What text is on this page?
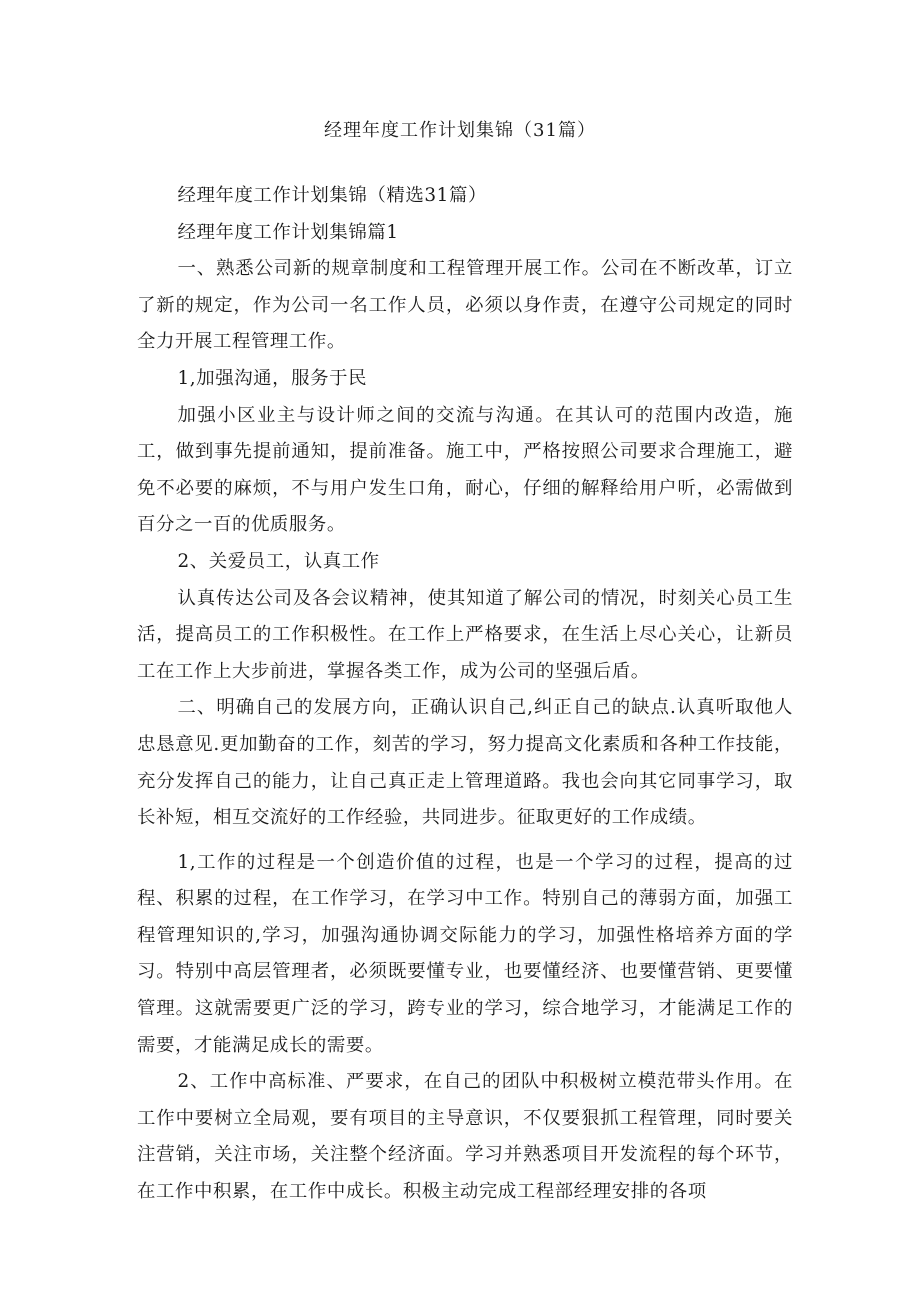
经理年度工作计划集锦（31篇）

经理年度工作计划集锦（精选31篇）

经理年度工作计划集锦篇1

一、熟悉公司新的规章制度和工程管理开展工作。公司在不断改革，订立了新的规定，作为公司一名工作人员，必须以身作责，在遵守公司规定的同时全力开展工程管理工作。

1,加强沟通，服务于民

加强小区业主与设计师之间的交流与沟通。在其认可的范围内改造，施工，做到事先提前通知，提前准备。施工中，严格按照公司要求合理施工，避免不必要的麻烦，不与用户发生口角，耐心，仔细的解释给用户听，必需做到百分之一百的优质服务。

2、关爱员工，认真工作

认真传达公司及各会议精神，使其知道了解公司的情况，时刻关心员工生活，提高员工的工作积极性。在工作上严格要求，在生活上尽心关心，让新员工在工作上大步前进，掌握各类工作，成为公司的坚强后盾。

二、明确自己的发展方向，正确认识自己,纠正自己的缺点.认真听取他人忠恳意见.更加勤奋的工作，刻苦的学习，努力提高文化素质和各种工作技能，充分发挥自己的能力，让自己真正走上管理道路。我也会向其它同事学习，取长补短，相互交流好的工作经验，共同进步。征取更好的工作成绩。

1,工作的过程是一个创造价值的过程，也是一个学习的过程，提高的过程、积累的过程，在工作学习，在学习中工作。特别自己的薄弱方面，加强工程管理知识的,学习，加强沟通协调交际能力的学习，加强性格培养方面的学习。特别中高层管理者，必须既要懂专业，也要懂经济、也要懂营销、更要懂管理。这就需要更广泛的学习，跨专业的学习，综合地学习，才能满足工作的需要，才能满足成长的需要。

2、工作中高标准、严要求，在自己的团队中积极树立模范带头作用。在工作中要树立全局观，要有项目的主导意识，不仅要狠抓工程管理，同时要关注营销，关注市场，关注整个经济面。学习并熟悉项目开发流程的每个环节，在工作中积累，在工作中成长。积极主动完成工程部经理安排的各项
